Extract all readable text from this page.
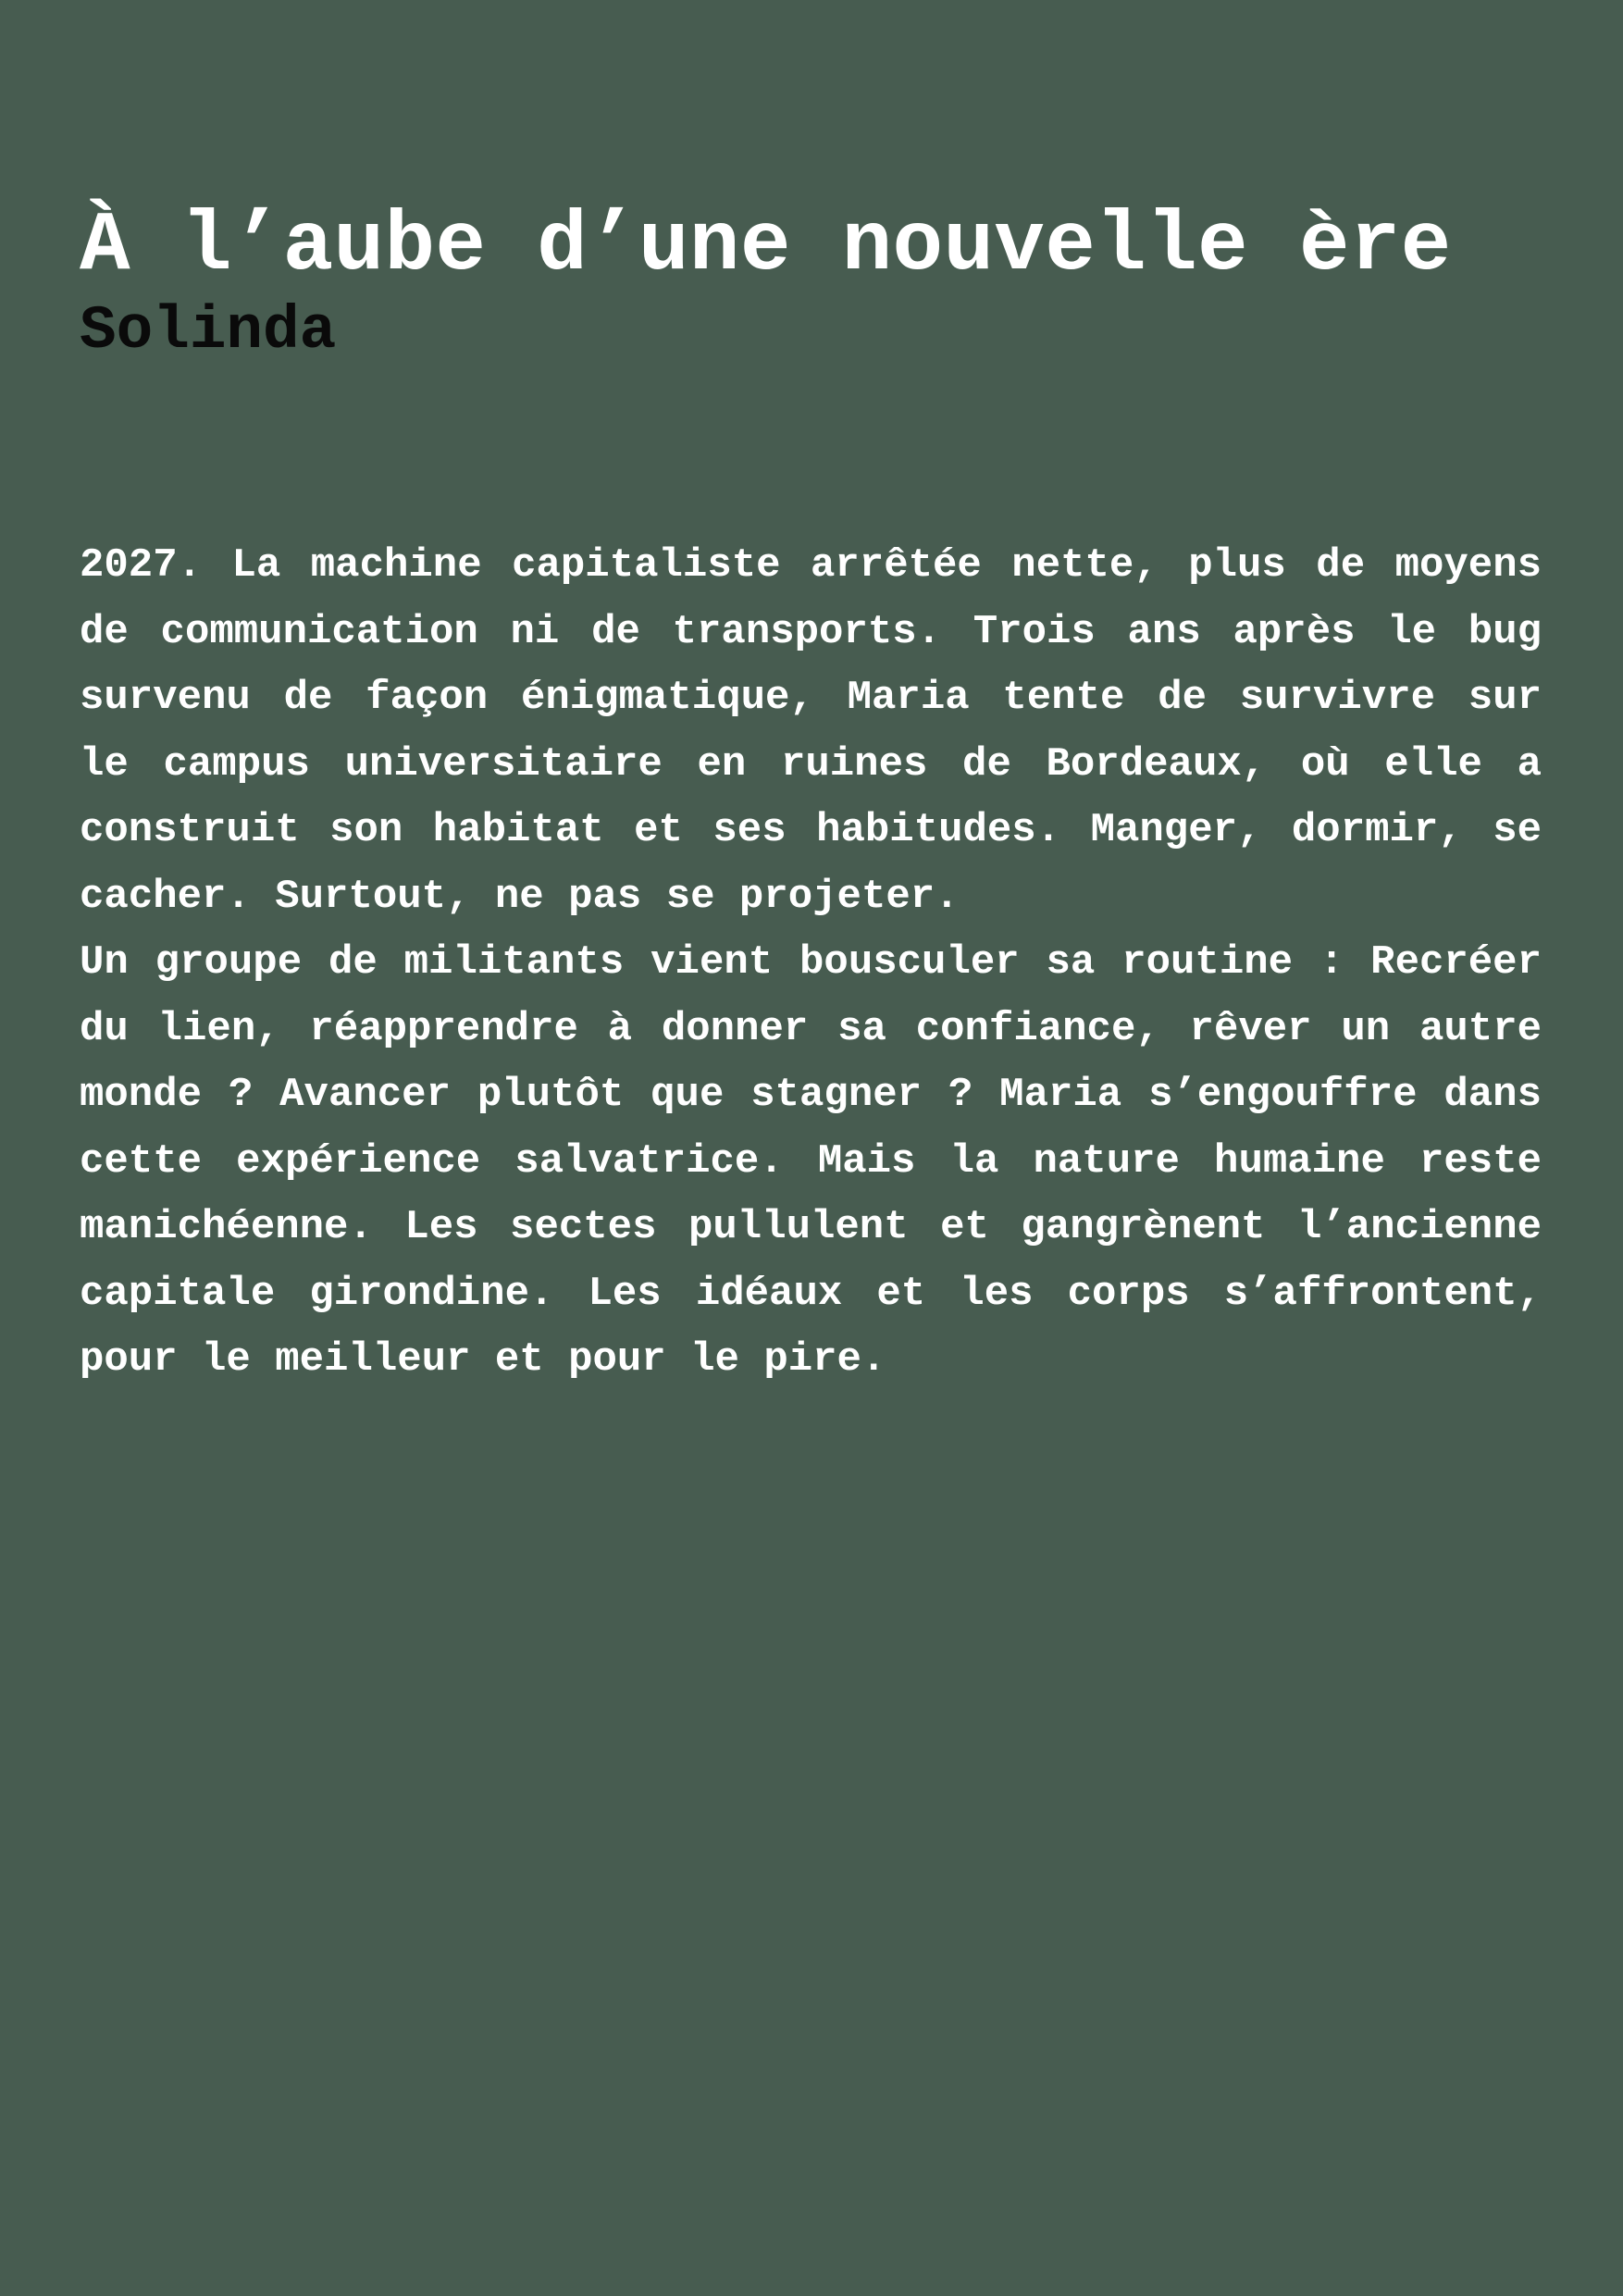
À l’aube d’une nouvelle ère
Solinda

2027. La machine capitaliste arrêtée nette, plus de moyens de communication ni de transports. Trois ans après le bug survenu de façon énigmatique, Maria tente de survivre sur le campus universitaire en ruines de Bordeaux, où elle a construit son habitat et ses habitudes. Manger, dormir, se cacher. Surtout, ne pas se projeter.

Un groupe de militants vient bousculer sa routine : Recréer du lien, réapprendre à donner sa confiance, rêver un autre monde ? Avancer plutôt que stagner ? Maria s’engouffre dans cette expérience salvatrice. Mais la nature humaine reste manichéenne. Les sectes pullulent et gangrènent l’ancienne capitale girondine. Les idéaux et les corps s’affrontent, pour le meilleur et pour le pire.
